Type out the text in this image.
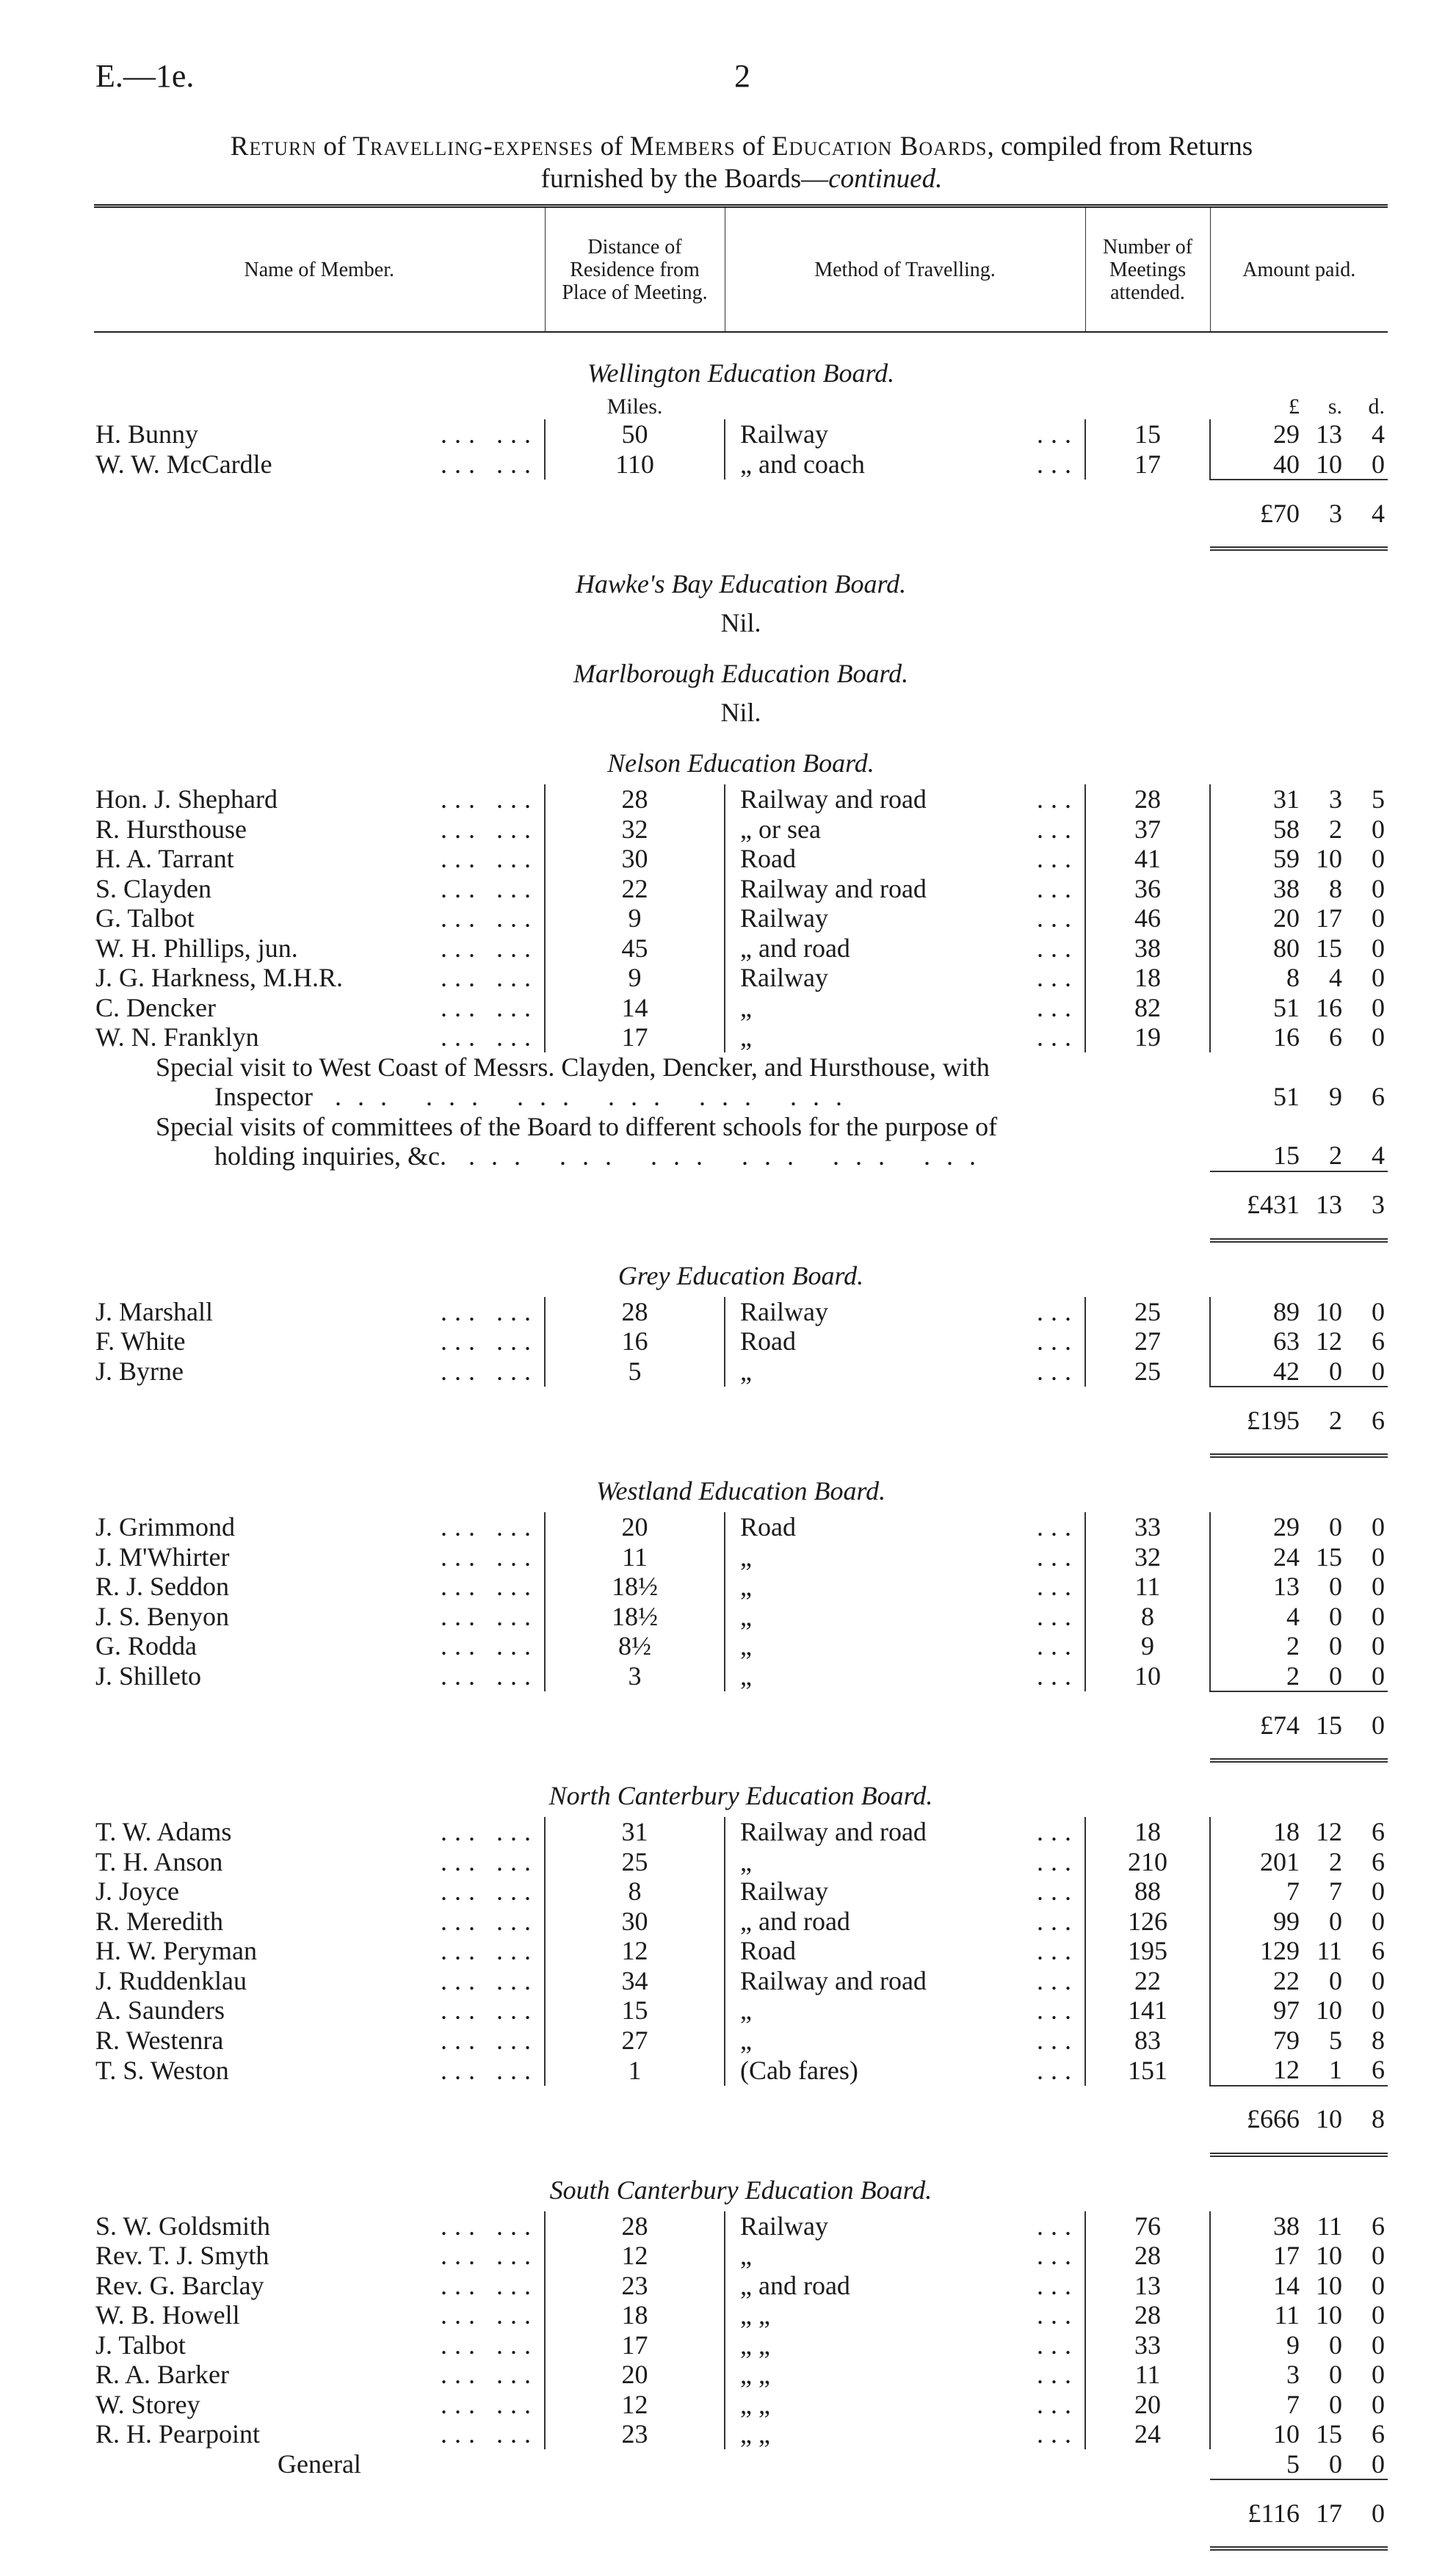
E.—1e.	2
Return of Travelling-expenses of Members of Education Boards, compiled from Returns
furnished by the Boards—continued.
Name of Member.	Distance of Residence from Place of Meeting.	Method of Travelling.	Number of Meetings attended.	Amount paid.
Wellington Education Board.				
	Miles.			£ s. d.

H. Bunny ... ...	50	Railway ...	15	29 13 4

W. W. McCardle ... ...	110	„ and coach ...	17	40 10 0

				£70 3 4

Hawke's Bay Education Board.				
Nil.				
Marlborough Education Board.				
Nil.				
Nelson Education Board.				
Hon. J. Shephard ... ...	28	Railway and road ...	28	31 3 5

R. Hursthouse ... ...	32	„ or sea ...	37	58 2 0

H. A. Tarrant ... ...	30	Road ...	41	59 10 0

S. Clayden ... ...	22	Railway and road ...	36	38 8 0

G. Talbot ... ...	9	Railway ...	46	20 17 0

W. H. Phillips, jun. ... ...	45	„ and road ...	38	80 15 0

J. G. Harkness, M.H.R. ... ...	9	Railway ...	18	8 4 0

C. Dencker ... ...	14	„ ...	82	51 16 0

W. N. Franklyn ... ...	17	„ ...	19	16 6 0

Special visit to West Coast of Messrs. Clayden, Dencker, and Hursthouse, with
Inspector ... ... ... ... ... ...				51 9 6

Special visits of committees of the Board to different schools for the purpose of
holding inquiries, &c. ... ... ... ... ... ...				15 2 4

				£431 13 3

Grey Education Board.				
J. Marshall ... ...	28	Railway ...	25	89 10 0

F. White ... ...	16	Road ...	27	63 12 6

J. Byrne ... ...	5	„ ...	25	42 0 0

				£195 2 6

Westland Education Board.				
J. Grimmond ... ...	20	Road ...	33	29 0 0

J. M'Whirter ... ...	11	„ ...	32	24 15 0

R. J. Seddon ... ...	18½	„ ...	11	13 0 0

J. S. Benyon ... ...	18½	„ ...	8	4 0 0

G. Rodda ... ...	8½	„ ...	9	2 0 0

J. Shilleto ... ...	3	„ ...	10	2 0 0

				£74 15 0

North Canterbury Education Board.				
T. W. Adams ... ...	31	Railway and road ...	18	18 12 6

T. H. Anson ... ...	25	„ ...	210	201 2 6

J. Joyce ... ...	8	Railway ...	88	7 7 0

R. Meredith ... ...	30	„ and road ...	126	99 0 0

H. W. Peryman ... ...	12	Road ...	195	129 11 6

J. Ruddenklau ... ...	34	Railway and road ...	22	22 0 0

A. Saunders ... ...	15	„ ...	141	97 10 0

R. Westenra ... ...	27	„ ...	83	79 5 8

T. S. Weston ... ...	1	(Cab fares) ...	151	12 1 6

				£666 10 8

South Canterbury Education Board.				
S. W. Goldsmith ... ...	28	Railway ...	76	38 11 6

Rev. T. J. Smyth ... ...	12	„ ...	28	17 10 0

Rev. G. Barclay ... ...	23	„ and road ...	13	14 10 0

W. B. Howell ... ...	18	„ „ ...	28	11 10 0

J. Talbot ... ...	17	„ „ ...	33	9 0 0

R. A. Barker ... ...	20	„ „ ...	11	3 0 0

W. Storey ... ...	12	„ „ ...	20	7 0 0

R. H. Pearpoint ... ...	23	„ „ ...	24	10 15 6

General				5 0 0

				£116 17 0
